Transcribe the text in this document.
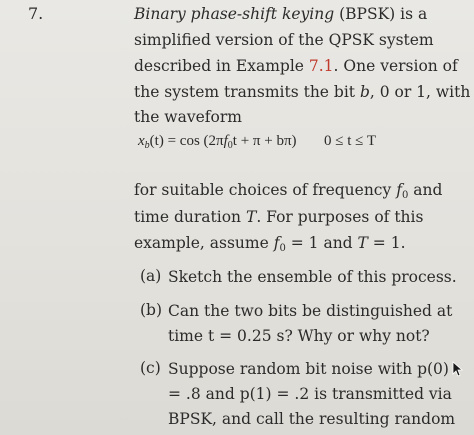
7.	Binary phase-shift keying (BPSK) is a
simplified version of the QPSK system
described in Example 7.1. One version of
the system transmits the bit b, 0 or 1, with
the waveform
$x_b(t) = \cos (2\pi f_0t + \pi + b\pi) 0 \le t \le T$
for suitable choices of frequency $f_0$ and
time duration T. For purposes of this
example, assume $f_0 = 1$ and T = 1.
(a) Sketch the ensemble of this process.
(b) Can the two bits be distinguished at
time t = 0.25 s? Why or why not?
(c) Suppose random bit noise with p(0)
= .8 and p(1) = .2 is transmitted via
BPSK, and call the resulting random
